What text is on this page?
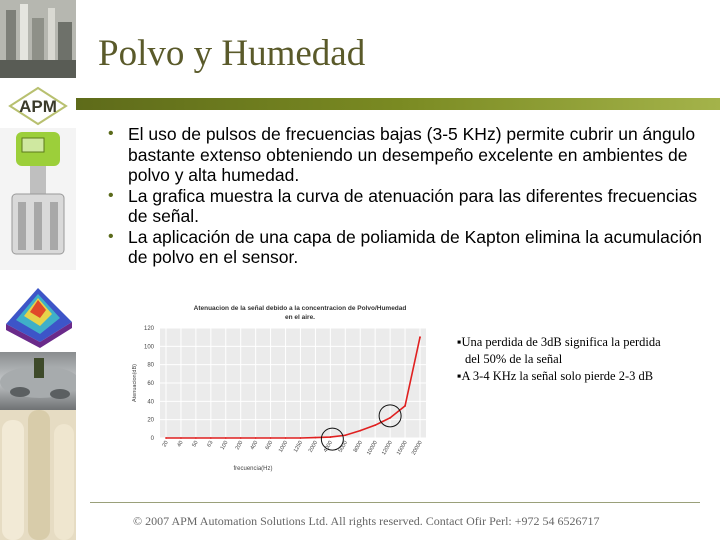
APM
Polvo y Humedad
• El uso de pulsos de frecuencias bajas (3-5 KHz) permite cubrir un ángulo bastante extenso obteniendo un desempeño excelente en ambientes de polvo y alta humedad.
• La grafica muestra la curva de atenuación para las diferentes frecuencias de señal.
• La aplicación de una capa de poliamida de Kapton elimina la acumulación de polvo en el sensor.
Atenuacion de la señal debido a la concentracion de Polvo/Humedad
en el aire.
0
20
40
60
80
100
120
20 40 50 63 100 200 400 600 1000 1250 2000 4000 5000 8000 10000 12000 15000 20000
Atenuacion(dB)
frecuencia(Hz)
▪Una perdida de 3dB significa la perdida
del 50% de la señal
▪A 3-4 KHz la señal solo pierde 2-3 dB
© 2007 APM Automation Solutions Ltd. All rights reserved. Contact Ofir Perl: +972 54 6526717
